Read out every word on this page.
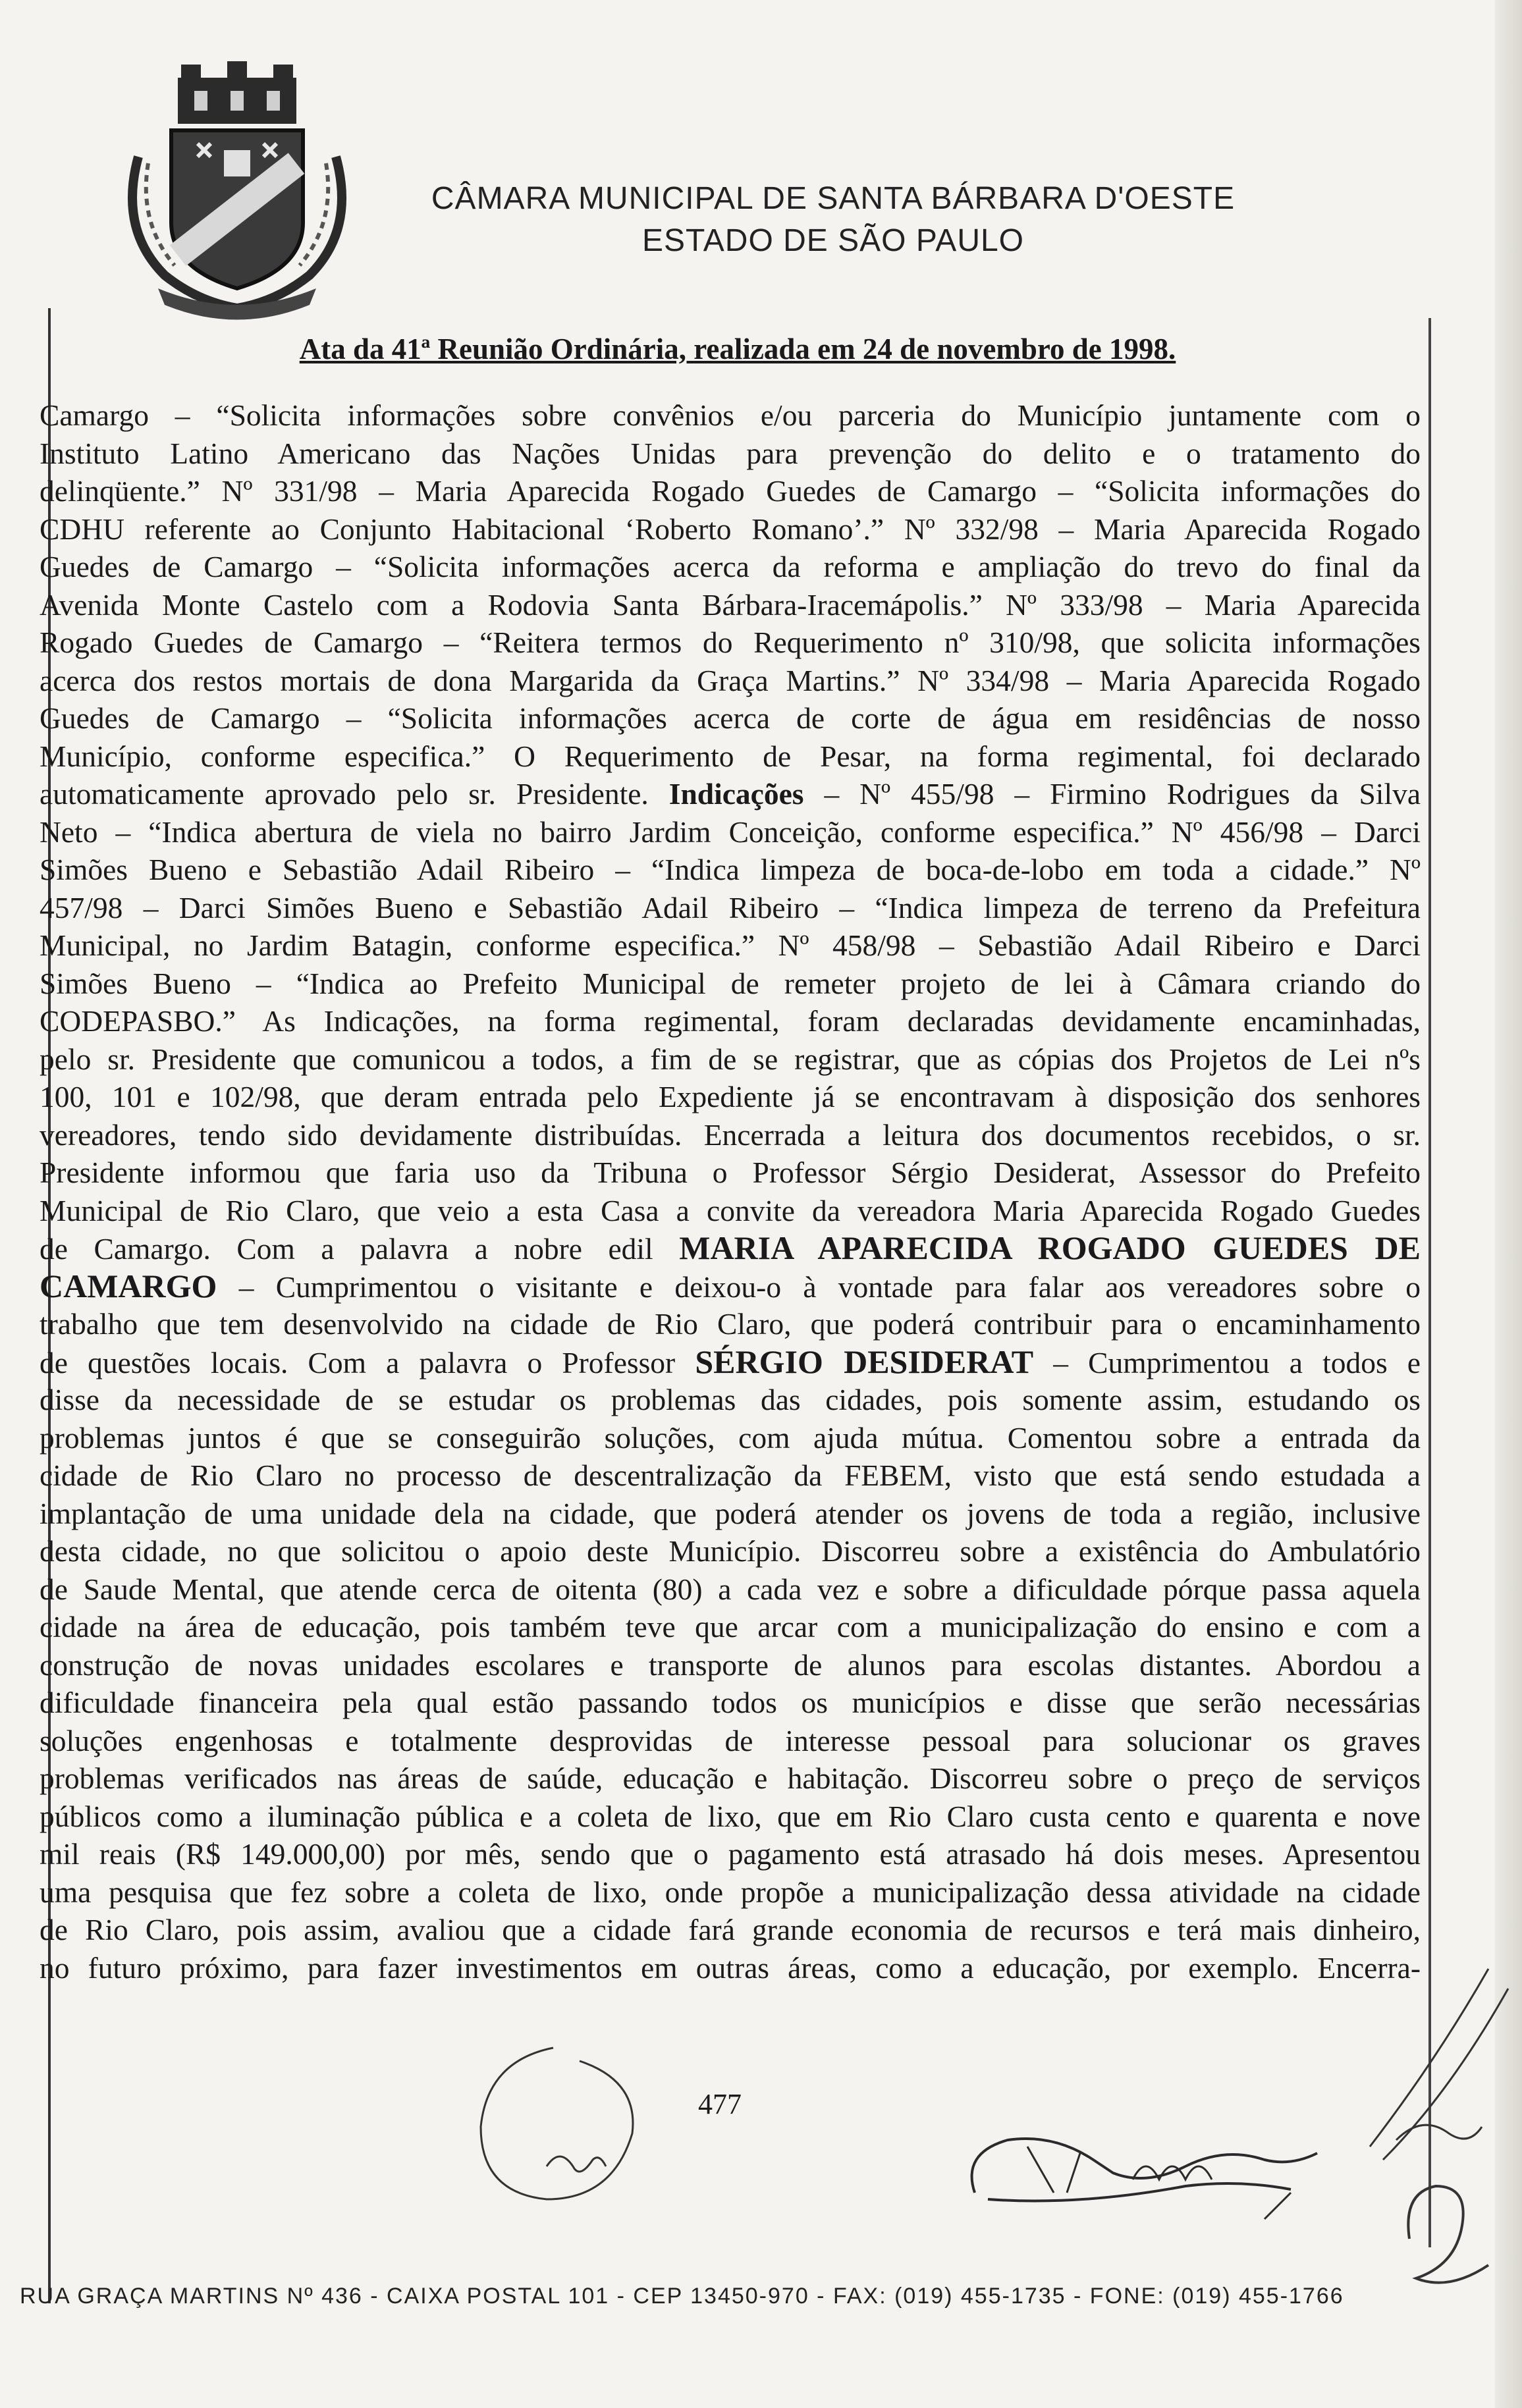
CÂMARA MUNICIPAL DE SANTA BÁRBARA D'OESTE
ESTADO DE SÃO PAULO
Ata da 41ª Reunião Ordinária, realizada em 24 de novembro de 1998.
Camargo – “Solicita informações sobre convênios e/ou parceria do Município juntamente com o
Instituto Latino Americano das Nações Unidas para prevenção do delito e o tratamento do
delinqüente.” Nº 331/98 – Maria Aparecida Rogado Guedes de Camargo – “Solicita informações do
CDHU referente ao Conjunto Habitacional ‘Roberto Romano’.” Nº 332/98 – Maria Aparecida Rogado
Guedes de Camargo – “Solicita informações acerca da reforma e ampliação do trevo do final da
Avenida Monte Castelo com a Rodovia Santa Bárbara-Iracemápolis.” Nº 333/98 – Maria Aparecida
Rogado Guedes de Camargo – “Reitera termos do Requerimento nº 310/98, que solicita informações
acerca dos restos mortais de dona Margarida da Graça Martins.” Nº 334/98 – Maria Aparecida Rogado
Guedes de Camargo – “Solicita informações acerca de corte de água em residências de nosso
Município, conforme especifica.” O Requerimento de Pesar, na forma regimental, foi declarado
automaticamente aprovado pelo sr. Presidente. Indicações – Nº 455/98 – Firmino Rodrigues da Silva
Neto – “Indica abertura de viela no bairro Jardim Conceição, conforme especifica.” Nº 456/98 – Darci
Simões Bueno e Sebastião Adail Ribeiro – “Indica limpeza de boca-de-lobo em toda a cidade.” Nº
457/98 – Darci Simões Bueno e Sebastião Adail Ribeiro – “Indica limpeza de terreno da Prefeitura
Municipal, no Jardim Batagin, conforme especifica.” Nº 458/98 – Sebastião Adail Ribeiro e Darci
Simões Bueno – “Indica ao Prefeito Municipal de remeter projeto de lei à Câmara criando do
CODEPASBO.” As Indicações, na forma regimental, foram declaradas devidamente encaminhadas,
pelo sr. Presidente que comunicou a todos, a fim de se registrar, que as cópias dos Projetos de Lei nºs
100, 101 e 102/98, que deram entrada pelo Expediente já se encontravam à disposição dos senhores
vereadores, tendo sido devidamente distribuídas. Encerrada a leitura dos documentos recebidos, o sr.
Presidente informou que faria uso da Tribuna o Professor Sérgio Desiderat, Assessor do Prefeito
Municipal de Rio Claro, que veio a esta Casa a convite da vereadora Maria Aparecida Rogado Guedes
de Camargo. Com a palavra a nobre edil MARIA APARECIDA ROGADO GUEDES DE
CAMARGO – Cumprimentou o visitante e deixou-o à vontade para falar aos vereadores sobre o
trabalho que tem desenvolvido na cidade de Rio Claro, que poderá contribuir para o encaminhamento
de questões locais. Com a palavra o Professor SÉRGIO DESIDERAT – Cumprimentou a todos e
disse da necessidade de se estudar os problemas das cidades, pois somente assim, estudando os
problemas juntos é que se conseguirão soluções, com ajuda mútua. Comentou sobre a entrada da
cidade de Rio Claro no processo de descentralização da FEBEM, visto que está sendo estudada a
implantação de uma unidade dela na cidade, que poderá atender os jovens de toda a região, inclusive
desta cidade, no que solicitou o apoio deste Município. Discorreu sobre a existência do Ambulatório
de Saude Mental, que atende cerca de oitenta (80) a cada vez e sobre a dificuldade pórque passa aquela
cidade na área de educação, pois também teve que arcar com a municipalização do ensino e com a
construção de novas unidades escolares e transporte de alunos para escolas distantes. Abordou a
dificuldade financeira pela qual estão passando todos os municípios e disse que serão necessárias
soluções engenhosas e totalmente desprovidas de interesse pessoal para solucionar os graves
problemas verificados nas áreas de saúde, educação e habitação. Discorreu sobre o preço de serviços
públicos como a iluminação pública e a coleta de lixo, que em Rio Claro custa cento e quarenta e nove
mil reais (R$ 149.000,00) por mês, sendo que o pagamento está atrasado há dois meses. Apresentou
uma pesquisa que fez sobre a coleta de lixo, onde propõe a municipalização dessa atividade na cidade
de Rio Claro, pois assim, avaliou que a cidade fará grande economia de recursos e terá mais dinheiro,
no futuro próximo, para fazer investimentos em outras áreas, como a educação, por exemplo. Encerra-
477
RUA GRAÇA MARTINS Nº 436 - CAIXA POSTAL 101 - CEP 13450-970 - FAX: (019) 455-1735 - FONE: (019) 455-1766
